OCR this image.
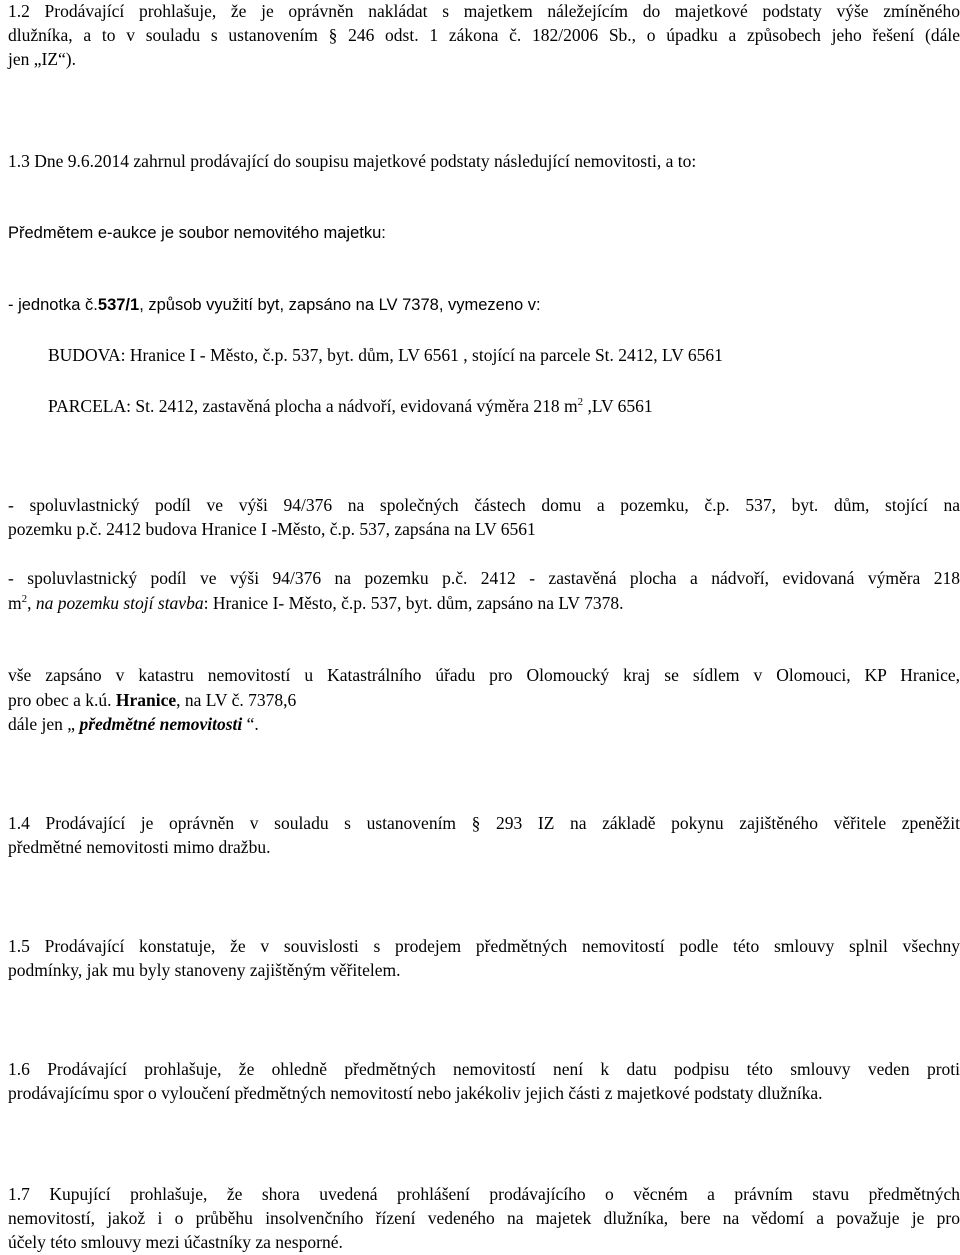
1.2 Prodávající prohlašuje, že je oprávněn nakládat s majetkem náležejícím do majetkové podstaty výše zmíněného
dlužníka, a to v souladu s ustanovením § 246 odst. 1 zákona č. 182/2006 Sb., o úpadku a způsobech jeho řešení (dále
jen „IZ“).
1.3 Dne 9.6.2014 zahrnul prodávající do soupisu majetkové podstaty následující nemovitosti, a to:
Předmětem e-aukce je soubor nemovitého majetku:
- jednotka č.537/1, způsob využití byt, zapsáno na LV 7378, vymezeno v:
BUDOVA: Hranice I - Město, č.p. 537, byt. dům, LV 6561 , stojící na parcele St. 2412, LV 6561
PARCELA: St. 2412, zastavěná plocha a nádvoří, evidovaná výměra 218 $m^2$ ,LV 6561
- spoluvlastnický podíl ve výši 94/376 na společných částech domu a pozemku, č.p. 537, byt. dům, stojící na
pozemku p.č. 2412 budova Hranice I -Město, č.p. 537, zapsána na LV 6561
- spoluvlastnický podíl ve výši 94/376 na pozemku p.č. 2412 - zastavěná plocha a nádvoří, evidovaná výměra 218
$m^2$, na pozemku stojí stavba: Hranice I- Město, č.p. 537, byt. dům, zapsáno na LV 7378.
vše zapsáno v katastru nemovitostí u Katastrálního úřadu pro Olomoucký kraj se sídlem v Olomouci, KP Hranice,
pro obec a k.ú. Hranice, na LV č. 7378,6
dále jen „ předmětné nemovitosti “.
1.4 Prodávající je oprávněn v souladu s ustanovením § 293 IZ na základě pokynu zajištěného věřitele zpeněžit
předmětné nemovitosti mimo dražbu.
1.5 Prodávající konstatuje, že v souvislosti s prodejem předmětných nemovitostí podle této smlouvy splnil všechny
podmínky, jak mu byly stanoveny zajištěným věřitelem.
1.6 Prodávající prohlašuje, že ohledně předmětných nemovitostí není k datu podpisu této smlouvy veden proti
prodávajícímu spor o vyloučení předmětných nemovitostí nebo jakékoliv jejich části z majetkové podstaty dlužníka.
1.7 Kupující prohlašuje, že shora uvedená prohlášení prodávajícího o věcném a právním stavu předmětných
nemovitostí, jakož i o průběhu insolvenčního řízení vedeného na majetek dlužníka, bere na vědomí a považuje je pro
účely této smlouvy mezi účastníky za nesporné.
